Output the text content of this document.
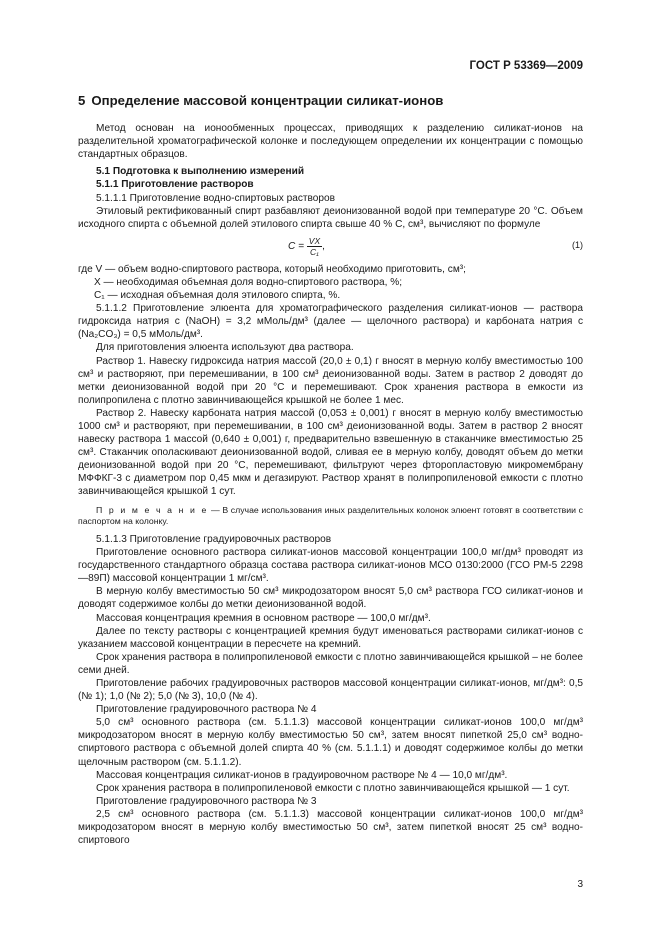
ГОСТ Р 53369—2009
5 Определение массовой концентрации силикат-ионов

Метод основан на ионообменных процессах, приводящих к разделению силикат-ионов на разделительной хроматографической колонке и последующем определении их концентрации с помощью стандартных образцов.

5.1 Подготовка к выполнению измерений

5.1.1 Приготовление растворов

5.1.1.1 Приготовление водно-спиртовых растворов

Этиловый ректификованный спирт разбавляют деионизованной водой при температуре 20 °С. Объем исходного спирта с объемной долей этилового спирта свыше 40 % C, см³, вычисляют по формуле

$C = \frac{VX}{\text{C₁}}$ ,	(1)

где V — объем водно-спиртового раствора, который необходимо приготовить, см³;

X — необходимая объемная доля водно-спиртового раствора, %;

C₁ — исходная объемная доля этилового спирта, %.

5.1.1.2 Приготовление элюента для хроматографического разделения силикат-ионов — раствора гидроксида натрия c (NaOH) = 3,2 мМоль/дм³ (далее — щелочного раствора) и карбоната натрия c (Na₂CO₃) = 0,5 мМоль/дм³.

Для приготовления элюента используют два раствора.

Раствор 1. Навеску гидроксида натрия массой (20,0 ± 0,1) г вносят в мерную колбу вместимостью 100 см³ и растворяют, при перемешивании, в 100 см³ деионизованной воды. Затем в раствор 2 доводят до метки деионизованной водой при 20 °С и перемешивают. Срок хранения раствора в емкости из полипропилена с плотно завинчивающейся крышкой не более 1 мес.

Раствор 2. Навеску карбоната натрия массой (0,053 ± 0,001) г вносят в мерную колбу вместимостью 1000 см³ и растворяют, при перемешивании, в 100 см³ деионизованной воды. Затем в раствор 2 вносят навеску раствора 1 массой (0,640 ± 0,001) г, предварительно взвешенную в стаканчике вместимостью 25 см³. Стаканчик ополаскивают деионизованной водой, сливая ее в мерную колбу, доводят объем до метки деионизованной водой при 20 °С, перемешивают, фильтруют через фторопластовую микромембрану МФФКГ-3 с диаметром пор 0,45 мкм и дегазируют. Раствор хранят в полипропиленовой емкости с плотно завинчивающейся крышкой 1 сут.

П р и м е ч а н и е — В случае использования иных разделительных колонок элюент готовят в соответствии с паспортом на колонку.

5.1.1.3 Приготовление градуировочных растворов

Приготовление основного раствора силикат-ионов массовой концентрации 100,0 мг/дм³ проводят из государственного стандартного образца состава раствора силикат-ионов МСО 0130:2000 (ГСО РМ-5 2298—89П) массовой концентрации 1 мг/см³.

В мерную колбу вместимостью 50 см³ микродозатором вносят 5,0 см³ раствора ГСО силикат-ионов и доводят содержимое колбы до метки деионизованной водой.

Массовая концентрация кремния в основном растворе — 100,0 мг/дм³.

Далее по тексту растворы с концентрацией кремния будут именоваться растворами силикат-ионов с указанием массовой концентрации в пересчете на кремний.

Срок хранения раствора в полипропиленовой емкости с плотно завинчивающейся крышкой – не более семи дней.

Приготовление рабочих градуировочных растворов массовой концентрации силикат-ионов, мг/дм³: 0,5 (№ 1); 1,0 (№ 2); 5,0 (№ 3), 10,0 (№ 4).

Приготовление градуировочного раствора № 4

5,0 см³ основного раствора (см. 5.1.1.3) массовой концентрации силикат-ионов 100,0 мг/дм³ микродозатором вносят в мерную колбу вместимостью 50 см³, затем вносят пипеткой 25,0 см³ водно-спиртового раствора с объемной долей спирта 40 % (см. 5.1.1.1) и доводят содержимое колбы до метки щелочным раствором (см. 5.1.1.2).

Массовая концентрация силикат-ионов в градуировочном растворе № 4 — 10,0 мг/дм³.

Срок хранения раствора в полипропиленовой емкости с плотно завинчивающейся крышкой — 1 сут.

Приготовление градуировочного раствора № 3

2,5 см³ основного раствора (см. 5.1.1.3) массовой концентрации силикат-ионов 100,0 мг/дм³ микродозатором вносят в мерную колбу вместимостью 50 см³, затем пипеткой вносят 25 см³ водно-спиртового

3
